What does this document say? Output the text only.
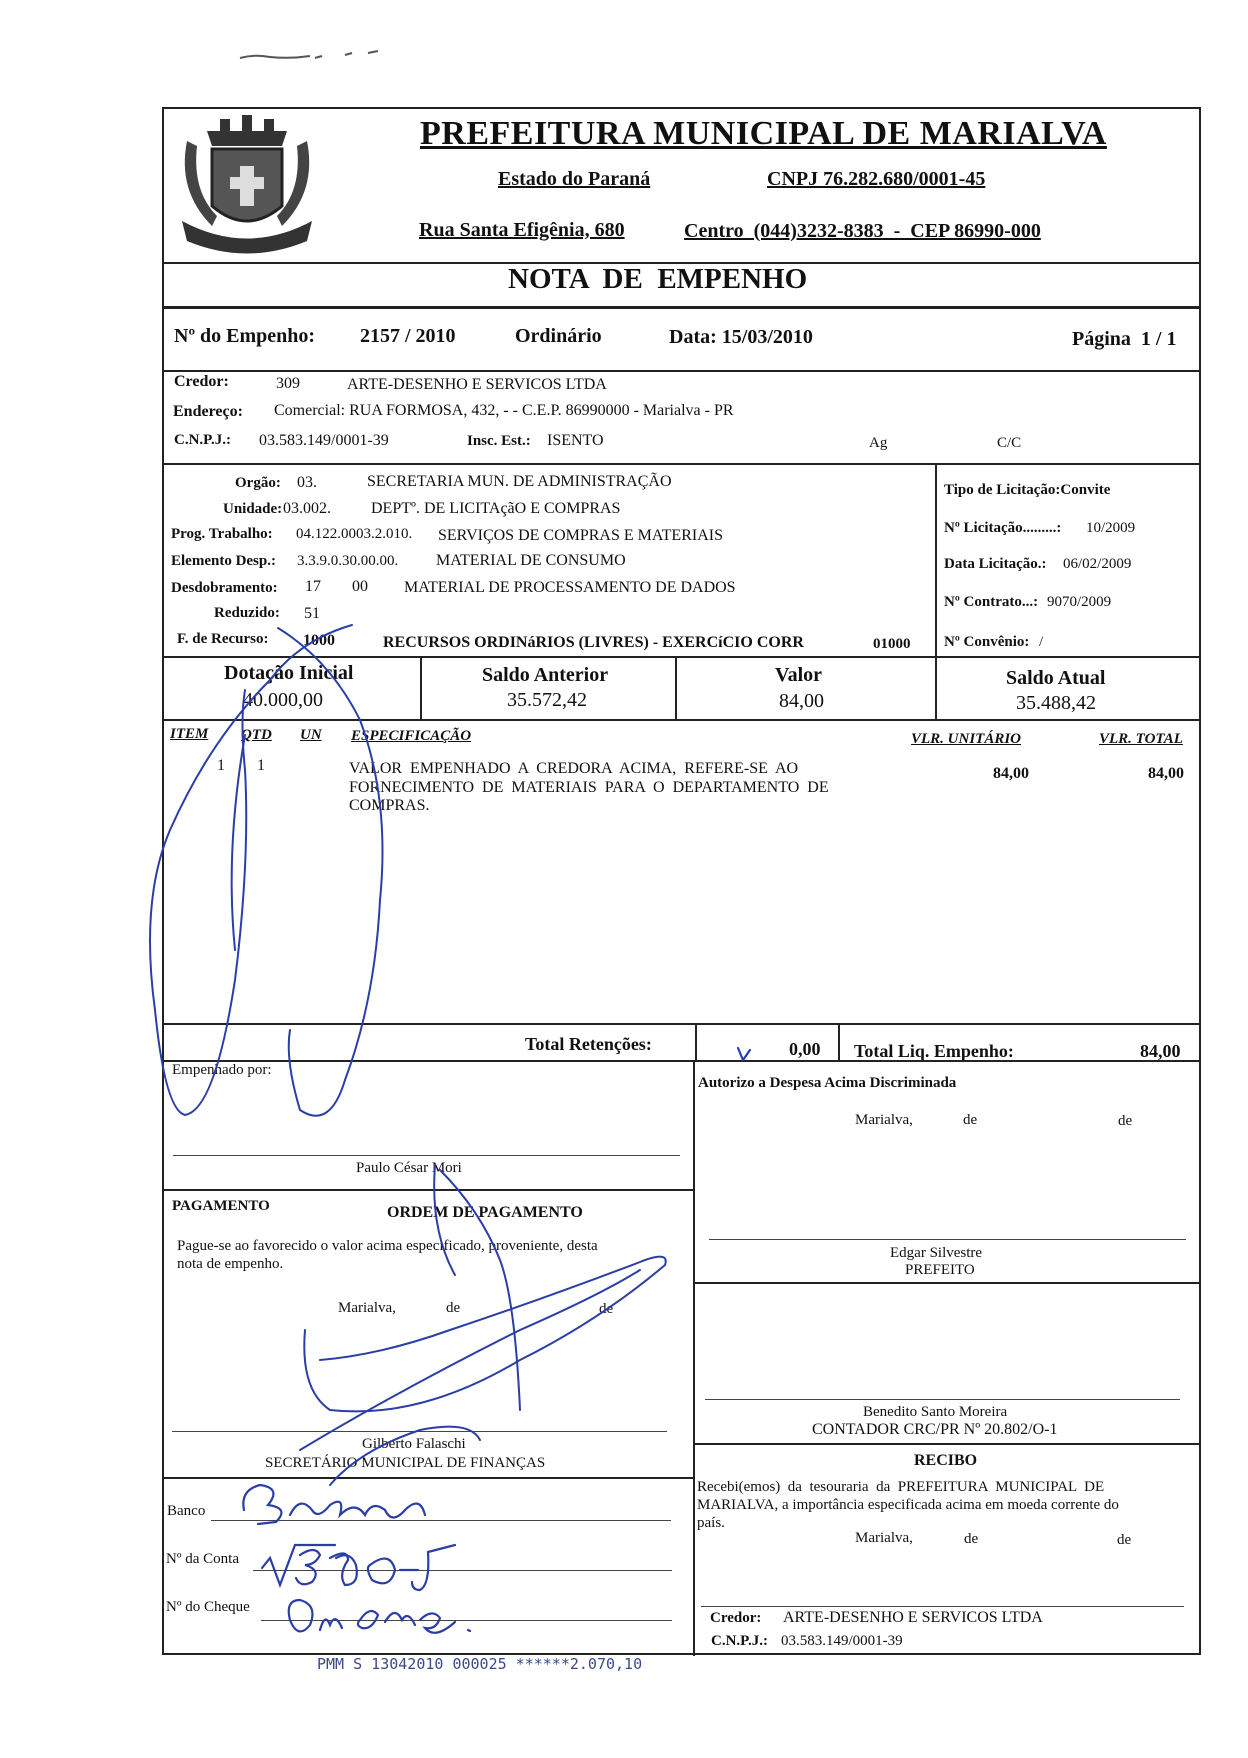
PREFEITURA MUNICIPAL DE MARIALVA
Estado do Paraná	CNPJ 76.282.680/0001-45
Rua Santa Efigênia, 680	Centro  (044)3232-8383  -  CEP 86990-000
NOTA  DE  EMPENHO
Nº do Empenho: 2157 / 2010	Ordinário	Data: 15/03/2010	Página  1 / 1
Credor:	309	ARTE-DESENHO E SERVICOS LTDA
Endereço: Comercial: RUA FORMOSA, 432, - - C.E.P. 86990000 - Marialva - PR
C.N.P.J.: 03.583.149/0001-39	Insc. Est.: ISENTO	Ag	C/C
Orgão: 03.	SECRETARIA MUN. DE ADMINISTRAÇÃO
Unidade: 03.002.	DEPTº. DE LICITAçãO E COMPRAS
Prog. Trabalho: 04.122.0003.2.010. SERVIÇOS DE COMPRAS E MATERIAIS
Elemento Desp.: 3.3.9.0.30.00.00. MATERIAL DE CONSUMO
Desdobramento: 17 00 MATERIAL DE PROCESSAMENTO DE DADOS
Reduzido: 51
F. de Recurso: 1000	RECURSOS ORDINáRIOS (LIVRES) - EXERCíCIO CORR	01000
Tipo de Licitação:Convite
Nº Licitação.........: 10/2009
Data Licitação.: 06/02/2009
Nº Contrato...: 9070/2009
Nº Convênio: /
Dotação Inicial
40.000,00
Saldo Anterior
35.572,42
Valor
84,00
Saldo Atual
35.488,42
ITEM QTD UN ESPECIFICAÇÃO	VLR. UNITÁRIO	VLR. TOTAL
1 1	VALOR  EMPENHADO  A  CREDORA  ACIMA,  REFERE-SE  AO
FORNECIMENTO  DE  MATERIAIS  PARA  O  DEPARTAMENTO  DE
COMPRAS.
84,00	84,00
Total Retenções:	0,00 Total Liq. Empenho:	84,00
Empenhado por:
Paulo César Mori
Autorizo a Despesa Acima Discriminada
Marialva,	de	de
Edgar Silvestre
PREFEITO
PAGAMENTO	ORDEM DE PAGAMENTO
Pague-se ao favorecido o valor acima especificado, proveniente, desta
nota de empenho.
Marialva,	de	de
Gilberto Falaschi
SECRETÁRIO MUNICIPAL DE FINANÇAS
Benedito Santo Moreira
CONTADOR CRC/PR Nº 20.802/O-1
RECIBO
Recebi(emos)  da  tesouraria  da  PREFEITURA  MUNICIPAL  DE
MARIALVA, a importância especificada acima em moeda corrente do
país.
Marialva,	de	de
Credor: ARTE-DESENHO E SERVICOS LTDA
C.N.P.J.: 03.583.149/0001-39
Banco
Nº da Conta
Nº do Cheque
PMM S 13042010 000025 ******2.070,10
